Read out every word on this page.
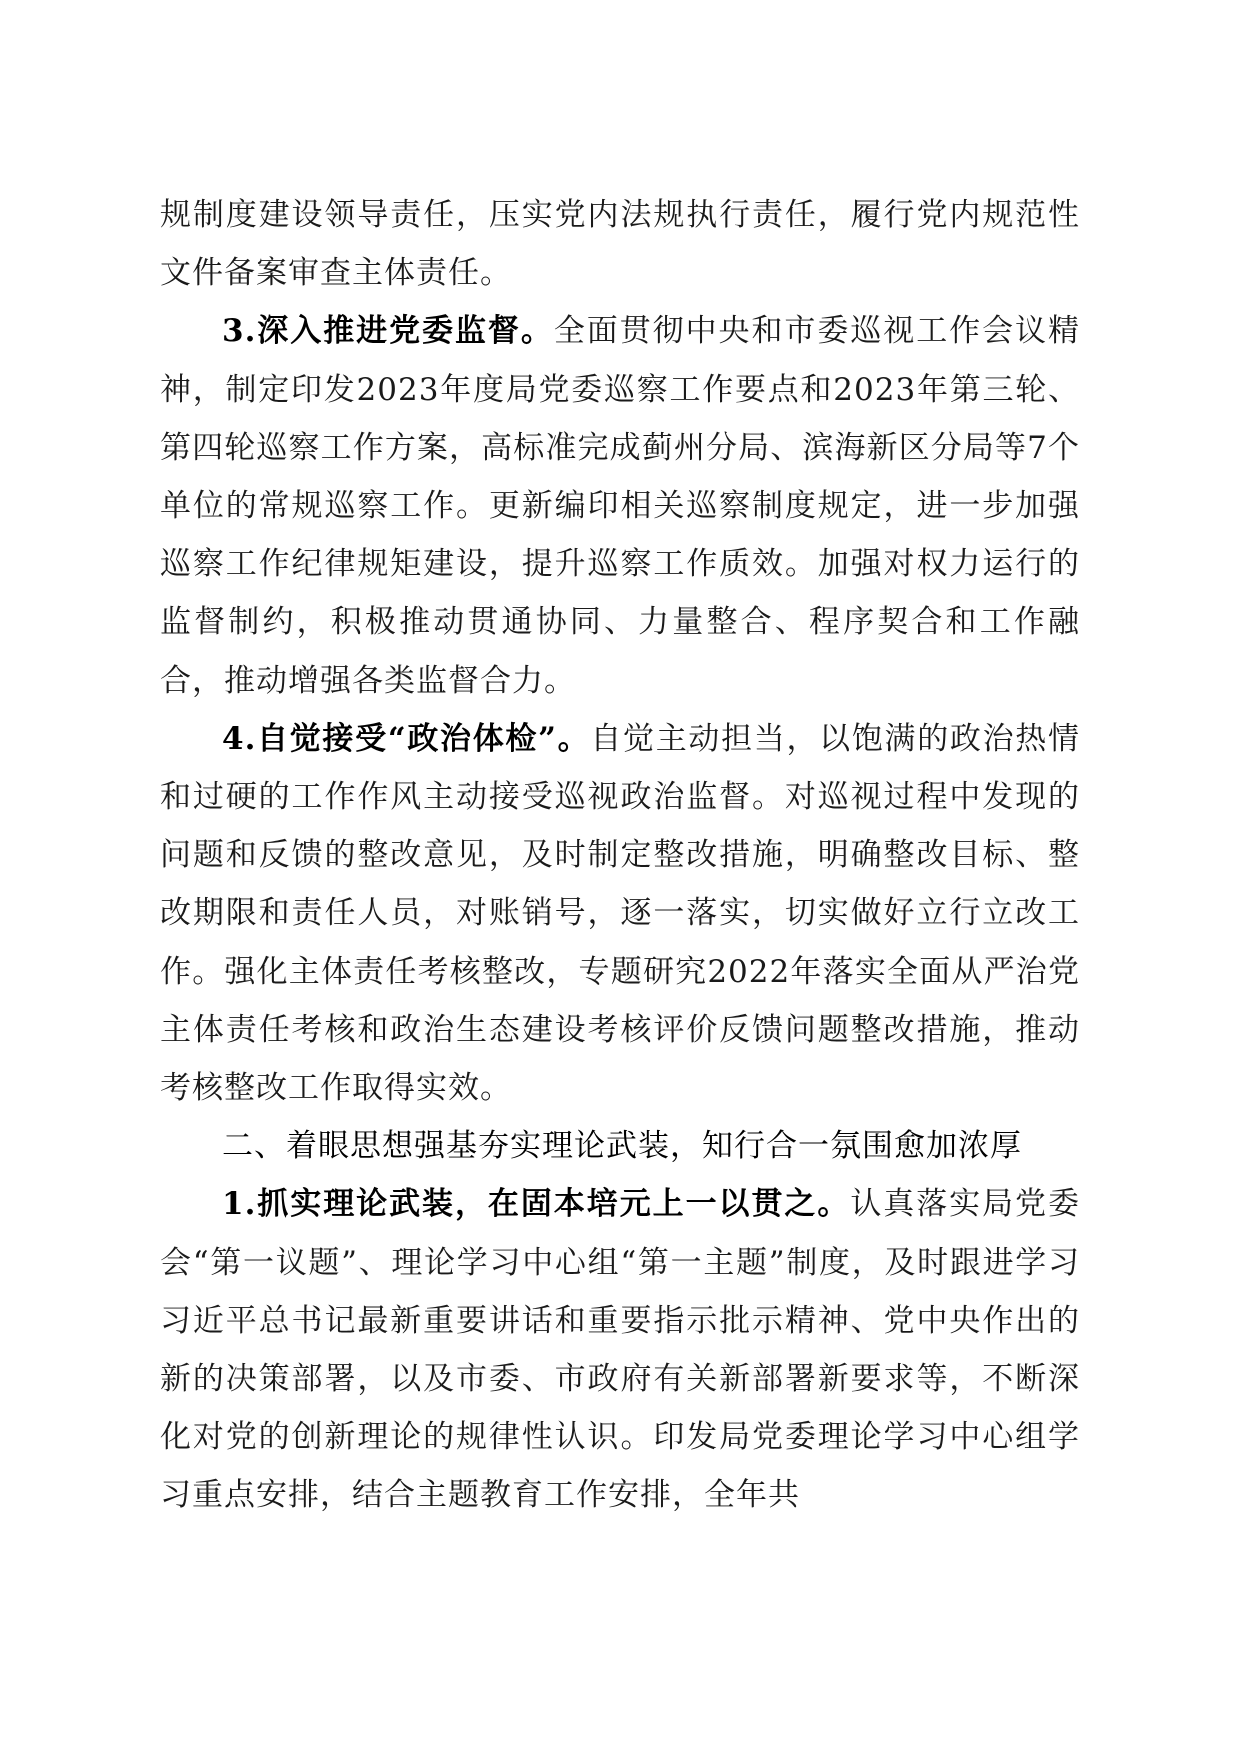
规制度建设领导责任，压实党内法规执行责任，履行党内规范性文件备案审查主体责任。

3.深入推进党委监督。全面贯彻中央和市委巡视工作会议精神，制定印发2023年度局党委巡察工作要点和2023年第三轮、第四轮巡察工作方案，高标准完成蓟州分局、滨海新区分局等7个单位的常规巡察工作。更新编印相关巡察制度规定，进一步加强巡察工作纪律规矩建设，提升巡察工作质效。加强对权力运行的监督制约，积极推动贯通协同、力量整合、程序契合和工作融合，推动增强各类监督合力。

4.自觉接受“政治体检”。自觉主动担当，以饱满的政治热情和过硬的工作作风主动接受巡视政治监督。对巡视过程中发现的问题和反馈的整改意见，及时制定整改措施，明确整改目标、整改期限和责任人员，对账销号，逐一落实，切实做好立行立改工作。强化主体责任考核整改，专题研究2022年落实全面从严治党主体责任考核和政治生态建设考核评价反馈问题整改措施，推动考核整改工作取得实效。

二、着眼思想强基夯实理论武装，知行合一氛围愈加浓厚

1.抓实理论武装，在固本培元上一以贯之。认真落实局党委会“第一议题”、理论学习中心组“第一主题”制度，及时跟进学习习近平总书记最新重要讲话和重要指示批示精神、党中央作出的新的决策部署，以及市委、市政府有关新部署新要求等，不断深化对党的创新理论的规律性认识。印发局党委理论学习中心组学习重点安排，结合主题教育工作安排，全年共
